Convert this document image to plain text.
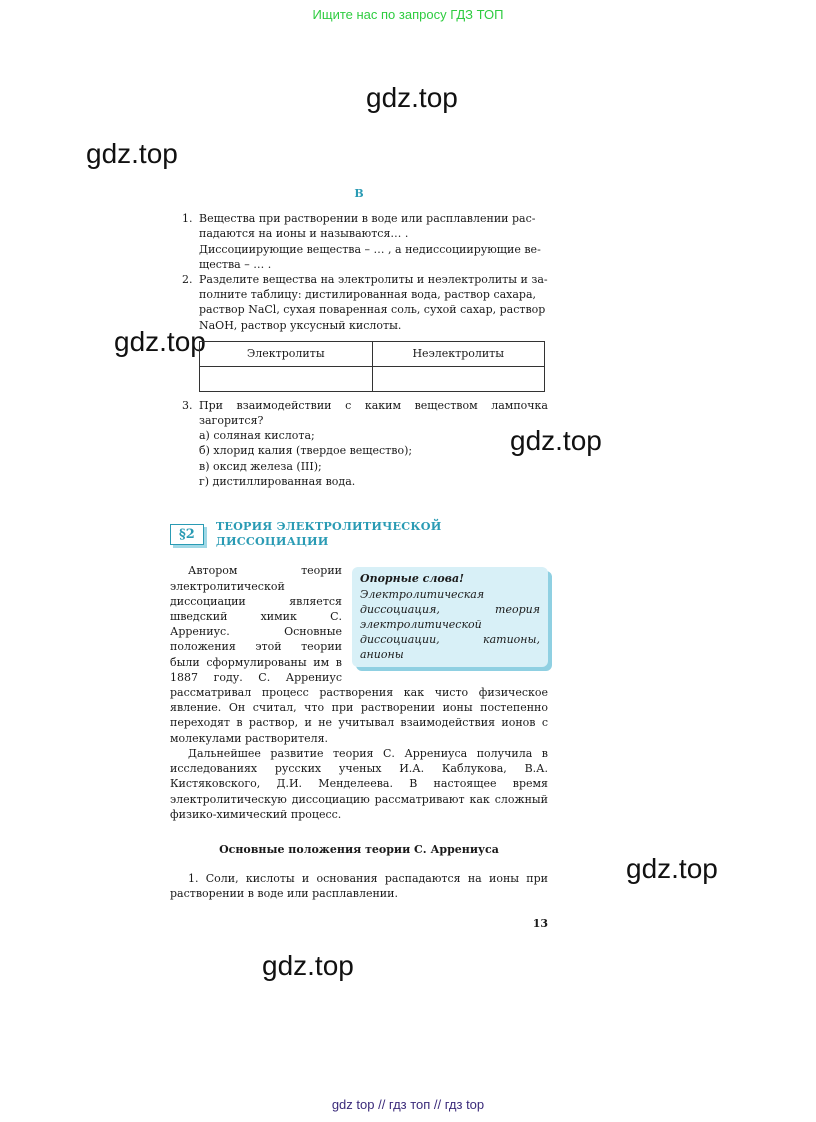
Ищите нас по запросу ГДЗ ТОП
gdz.top
gdz.top
gdz.top
gdz.top
gdz.top
gdz.top
В
1. Вещества при растворении в воде или расплавлении рас-
падаются на ионы и называются… .
Диссоциирующие вещества – … , а недиссоциирующие ве-
щества – … .
2. Разделите вещества на электролиты и неэлектролиты и за-
полните таблицу: дистилированная вода, раствор сахара,
раствор NaCl, сухая поваренная соль, сухой сахар, раствор
NaOH, раствор уксусный кислоты.
Электролиты	Неэлектролиты

3. При взаимодействии с каким веществом лампочка загорится?
а) соляная кислота;
б) хлорид калия (твердое вещество);
в) оксид железа (III);
г) дистиллированная вода.
§2
ТЕОРИЯ ЭЛЕКТРОЛИТИЧЕСКОЙ ДИССОЦИАЦИИ
Опорные слова!
Электролитическая диссоциация, теория электролитической диссоциации, катионы, анионы

Автором теории электролитической диссоциации является шведский химик С. Аррениус. Основные положения этой теории были сформулированы им в 1887 году. С. Аррениус рассматривал процесс растворения как чисто физическое явление. Он считал, что при растворении ионы постепенно переходят в раствор, и не учитывал взаимодействия ионов с молекулами растворителя.

Дальнейшее развитие теория С. Аррениуса получила в исследованиях русских ученых И.А. Каблукова, В.А. Кистяковского, Д.И. Менделеева. В настоящее время электролитическую диссоциацию рассматривают как сложный физико-химический процесс.

Основные положения теории С. Аррениуса

1. Соли, кислоты и основания распадаются на ионы при растворении в воде или расплавлении.

13
gdz top // гдз топ // гдз top
